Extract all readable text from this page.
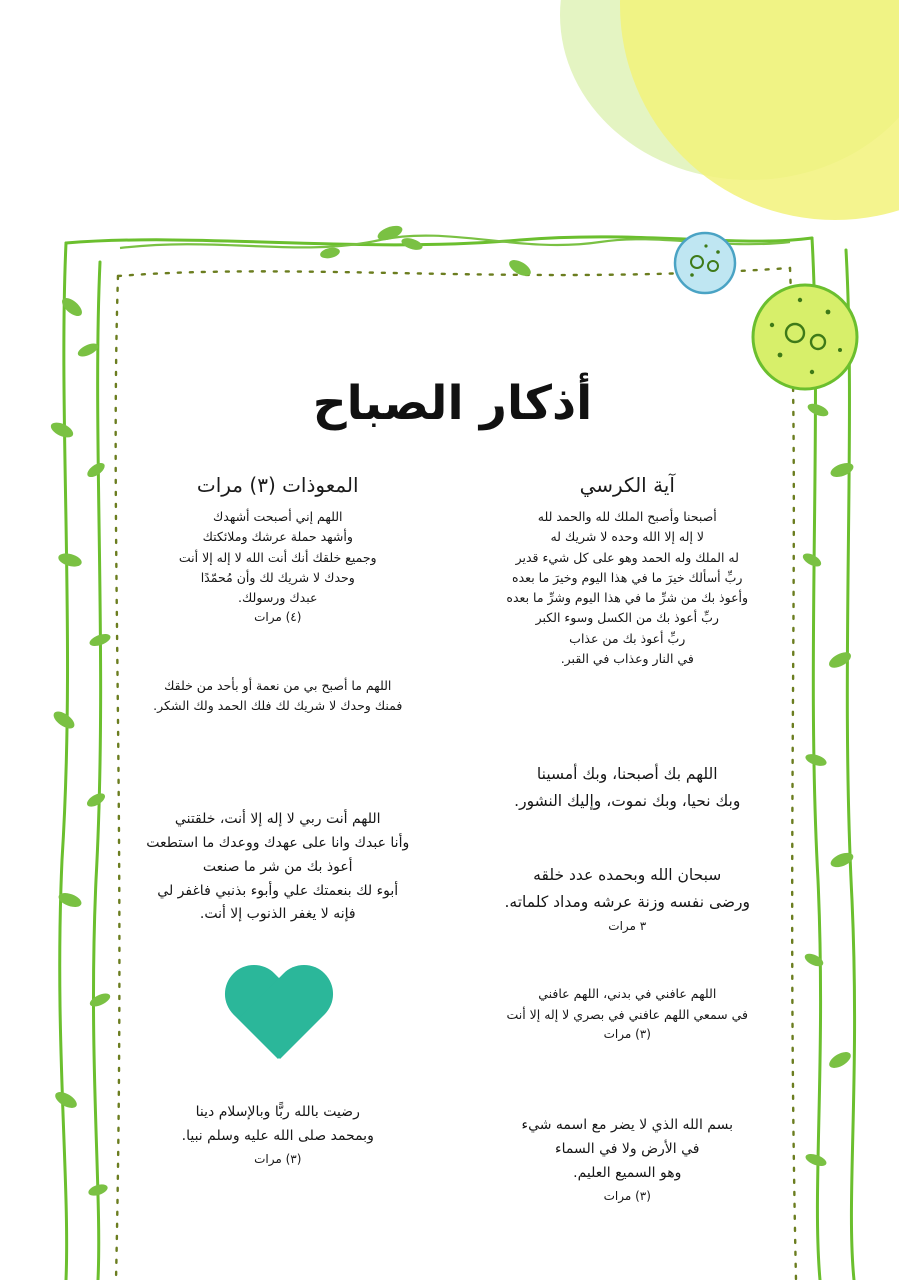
أذكار الصباح
آية الكرسي
أصبحنا وأصبح الملك لله والحمد لله
لا إله إلا الله وحده لا شريك له
له الملك وله الحمد وهو على كل شيء قدير
ربِّ أسألك خيرَ ما في هذا اليوم وخيرَ ما بعده
وأعوذ بك من شرِّ ما في هذا اليوم وشرِّ ما بعده
ربِّ أعوذ بك من الكسل وسوء الكبر
ربِّ أعوذ بك من عذاب
في النار وعذاب في القبر.
اللهم بك أصبحنا، وبك أمسينا
وبك نحيا، وبك نموت، وإليك النشور.
سبحان الله وبحمده عدد خلقه
ورضى نفسه وزنة عرشه ومداد كلماته.

٣ مرات
اللهم عافني في بدني، اللهم عافني
في سمعي اللهم عافني في بصري لا إله إلا أنت

(٣) مرات
بسم الله الذي لا يضر مع اسمه شيء
في الأرض ولا في السماء
وهو السميع العليم.

(٣) مرات
المعوذات (٣) مرات
اللهم إني أصبحت أشهدك
وأشهد حملة عرشك وملائكتك
وجميع خلقك أنك أنت الله لا إله إلا أنت
وحدك لا شريك لك وأن مُحمّدًا
عبدك ورسولك.

(٤) مرات
اللهم ما أصبح بي من نعمة أو بأحد من خلقك
فمنك وحدك لا شريك لك فلك الحمد ولك الشكر.
اللهم أنت ربي لا إله إلا أنت، خلقتني
وأنا عبدك وانا على عهدك ووعدك ما استطعت
أعوذ بك من شر ما صنعت
أبوء لك بنعمتك علي وأبوء بذنبي فاغفر لي
فإنه لا يغفر الذنوب إلا أنت.
رضيت بالله ربًّا وبالإسلام دينا
وبمحمد صلى الله عليه وسلم نبيا.

(٣) مرات
